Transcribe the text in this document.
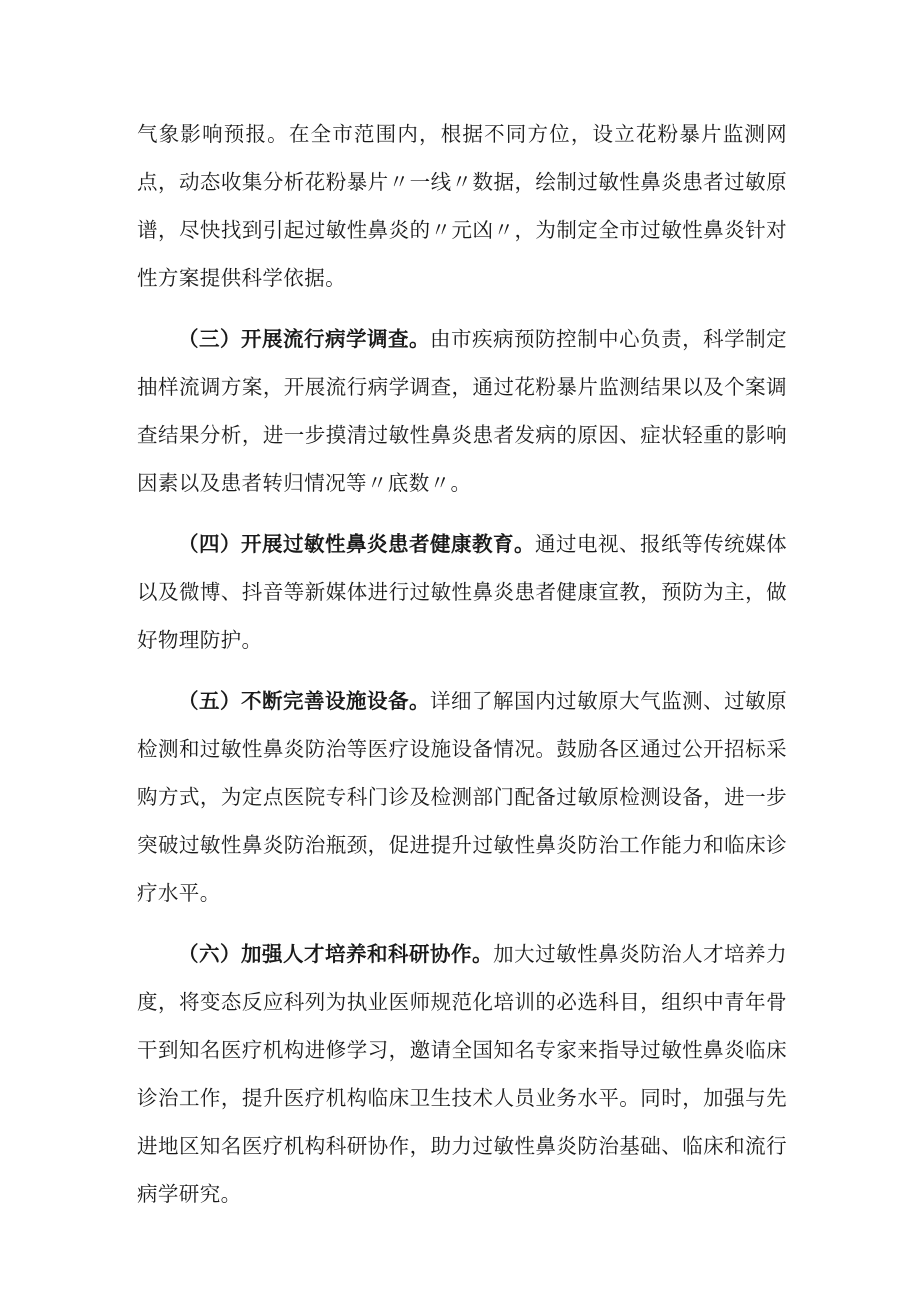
气象影响预报。在全市范围内，根据不同方位，设立花粉暴片监测网点，动态收集分析花粉暴片〃一线〃数据，绘制过敏性鼻炎患者过敏原谱，尽快找到引起过敏性鼻炎的〃元凶〃，为制定全市过敏性鼻炎针对性方案提供科学依据。

（三）开展流行病学调查。由市疾病预防控制中心负责，科学制定抽样流调方案，开展流行病学调查，通过花粉暴片监测结果以及个案调查结果分析，进一步摸清过敏性鼻炎患者发病的原因、症状轻重的影响因素以及患者转归情况等〃底数〃。

（四）开展过敏性鼻炎患者健康教育。通过电视、报纸等传统媒体以及微博、抖音等新媒体进行过敏性鼻炎患者健康宣教，预防为主，做好物理防护。

（五）不断完善设施设备。详细了解国内过敏原大气监测、过敏原检测和过敏性鼻炎防治等医疗设施设备情况。鼓励各区通过公开招标采购方式，为定点医院专科门诊及检测部门配备过敏原检测设备，进一步突破过敏性鼻炎防治瓶颈，促进提升过敏性鼻炎防治工作能力和临床诊疗水平。

（六）加强人才培养和科研协作。加大过敏性鼻炎防治人才培养力度，将变态反应科列为执业医师规范化培训的必选科目，组织中青年骨干到知名医疗机构进修学习，邀请全国知名专家来指导过敏性鼻炎临床诊治工作，提升医疗机构临床卫生技术人员业务水平。同时，加强与先进地区知名医疗机构科研协作，助力过敏性鼻炎防治基础、临床和流行病学研究。
